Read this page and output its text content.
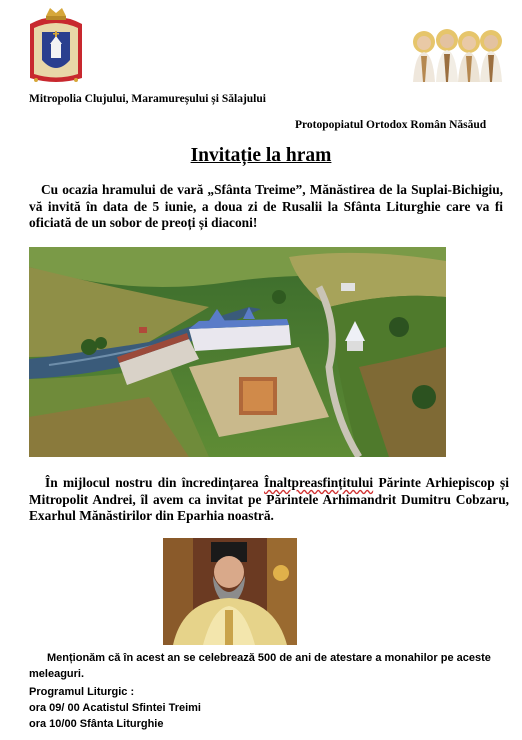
Mitropolia Clujului, Maramureșului și Sălajului
Protopopiatul Ortodox Român Năsăud
Invitație la hram
Cu ocazia hramului de vară „Sfânta Treime”, Mănăstirea de la Suplai-Bichigiu, vă invită în data de 5 iunie, a doua zi de Rusalii la Sfânta Liturghie care va fi oficiată de un sobor de preoți și diaconi!
În mijlocul nostru din încredințarea Înaltpreasfințitului Părinte Arhiepiscop și Mitropolit Andrei, îl avem ca invitat pe Părintele Arhimandrit Dumitru Cobzaru, Exarhul Mănăstirilor din Eparhia noastră.
Menționăm că în acest an se celebrează 500 de ani de atestare a monahilor pe aceste meleaguri.
Programul Liturgic :
ora 09/ 00 Acatistul Sfintei Treimi
ora 10/00 Sfânta Liturghie
